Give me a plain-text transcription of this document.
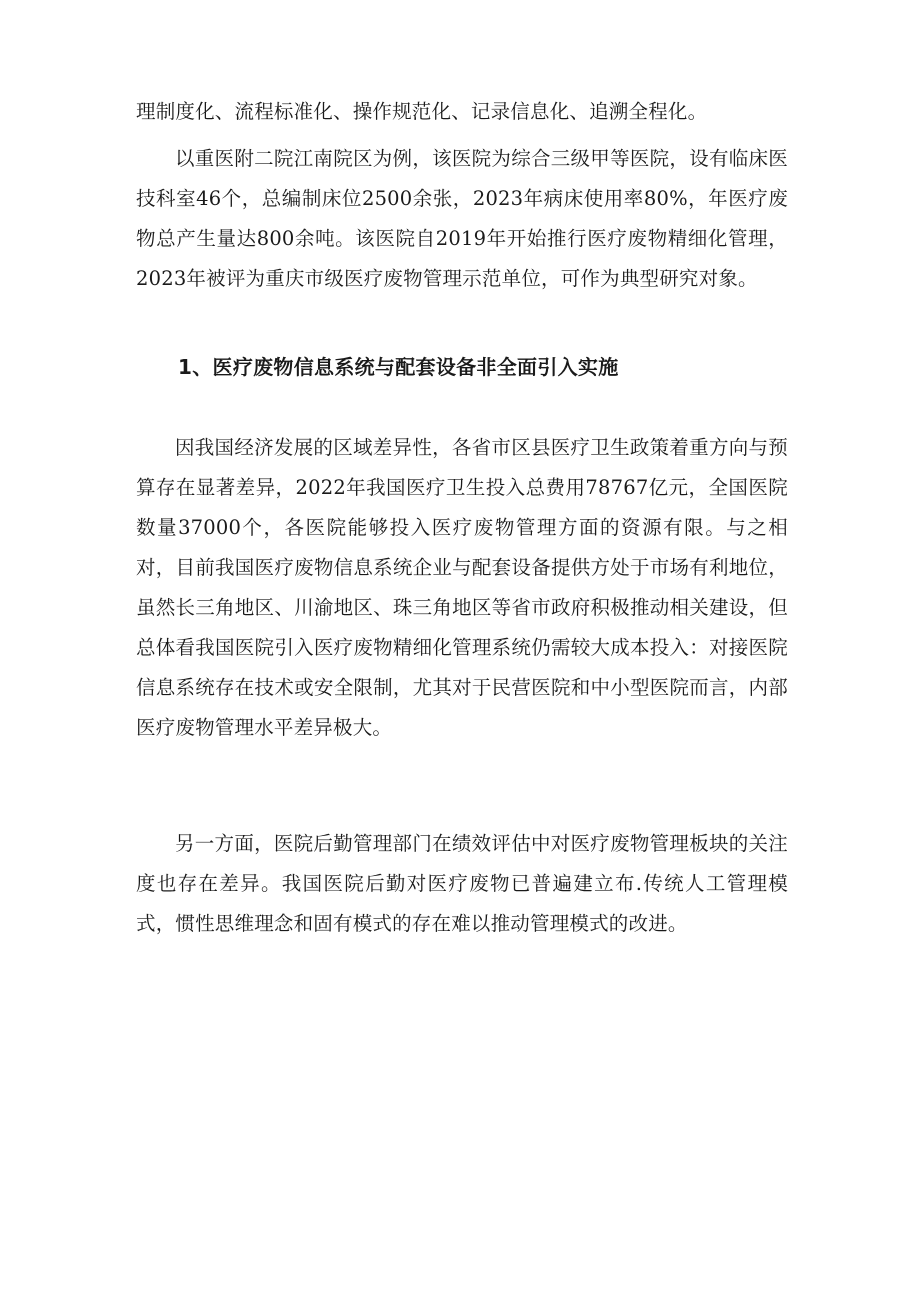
理制度化、流程标准化、操作规范化、记录信息化、追溯全程化。

以重医附二院江南院区为例，该医院为综合三级甲等医院，设有临床医技科室46个，总编制床位2500余张，2023年病床使用率80%，年医疗废物总产生量达800余吨。该医院自2019年开始推行医疗废物精细化管理，2023年被评为重庆市级医疗废物管理示范单位，可作为典型研究对象。

1、医疗废物信息系统与配套设备非全面引入实施

因我国经济发展的区域差异性，各省市区县医疗卫生政策着重方向与预算存在显著差异，2022年我国医疗卫生投入总费用78767亿元，全国医院数量37000个，各医院能够投入医疗废物管理方面的资源有限。与之相对，目前我国医疗废物信息系统企业与配套设备提供方处于市场有利地位，虽然长三角地区、川渝地区、珠三角地区等省市政府积极推动相关建设，但总体看我国医院引入医疗废物精细化管理系统仍需较大成本投入：对接医院信息系统存在技术或安全限制，尤其对于民营医院和中小型医院而言，内部医疗废物管理水平差异极大。

另一方面，医院后勤管理部门在绩效评估中对医疗废物管理板块的关注度也存在差异。我国医院后勤对医疗废物已普遍建立布.传统人工管理模式，惯性思维理念和固有模式的存在难以推动管理模式的改进。
